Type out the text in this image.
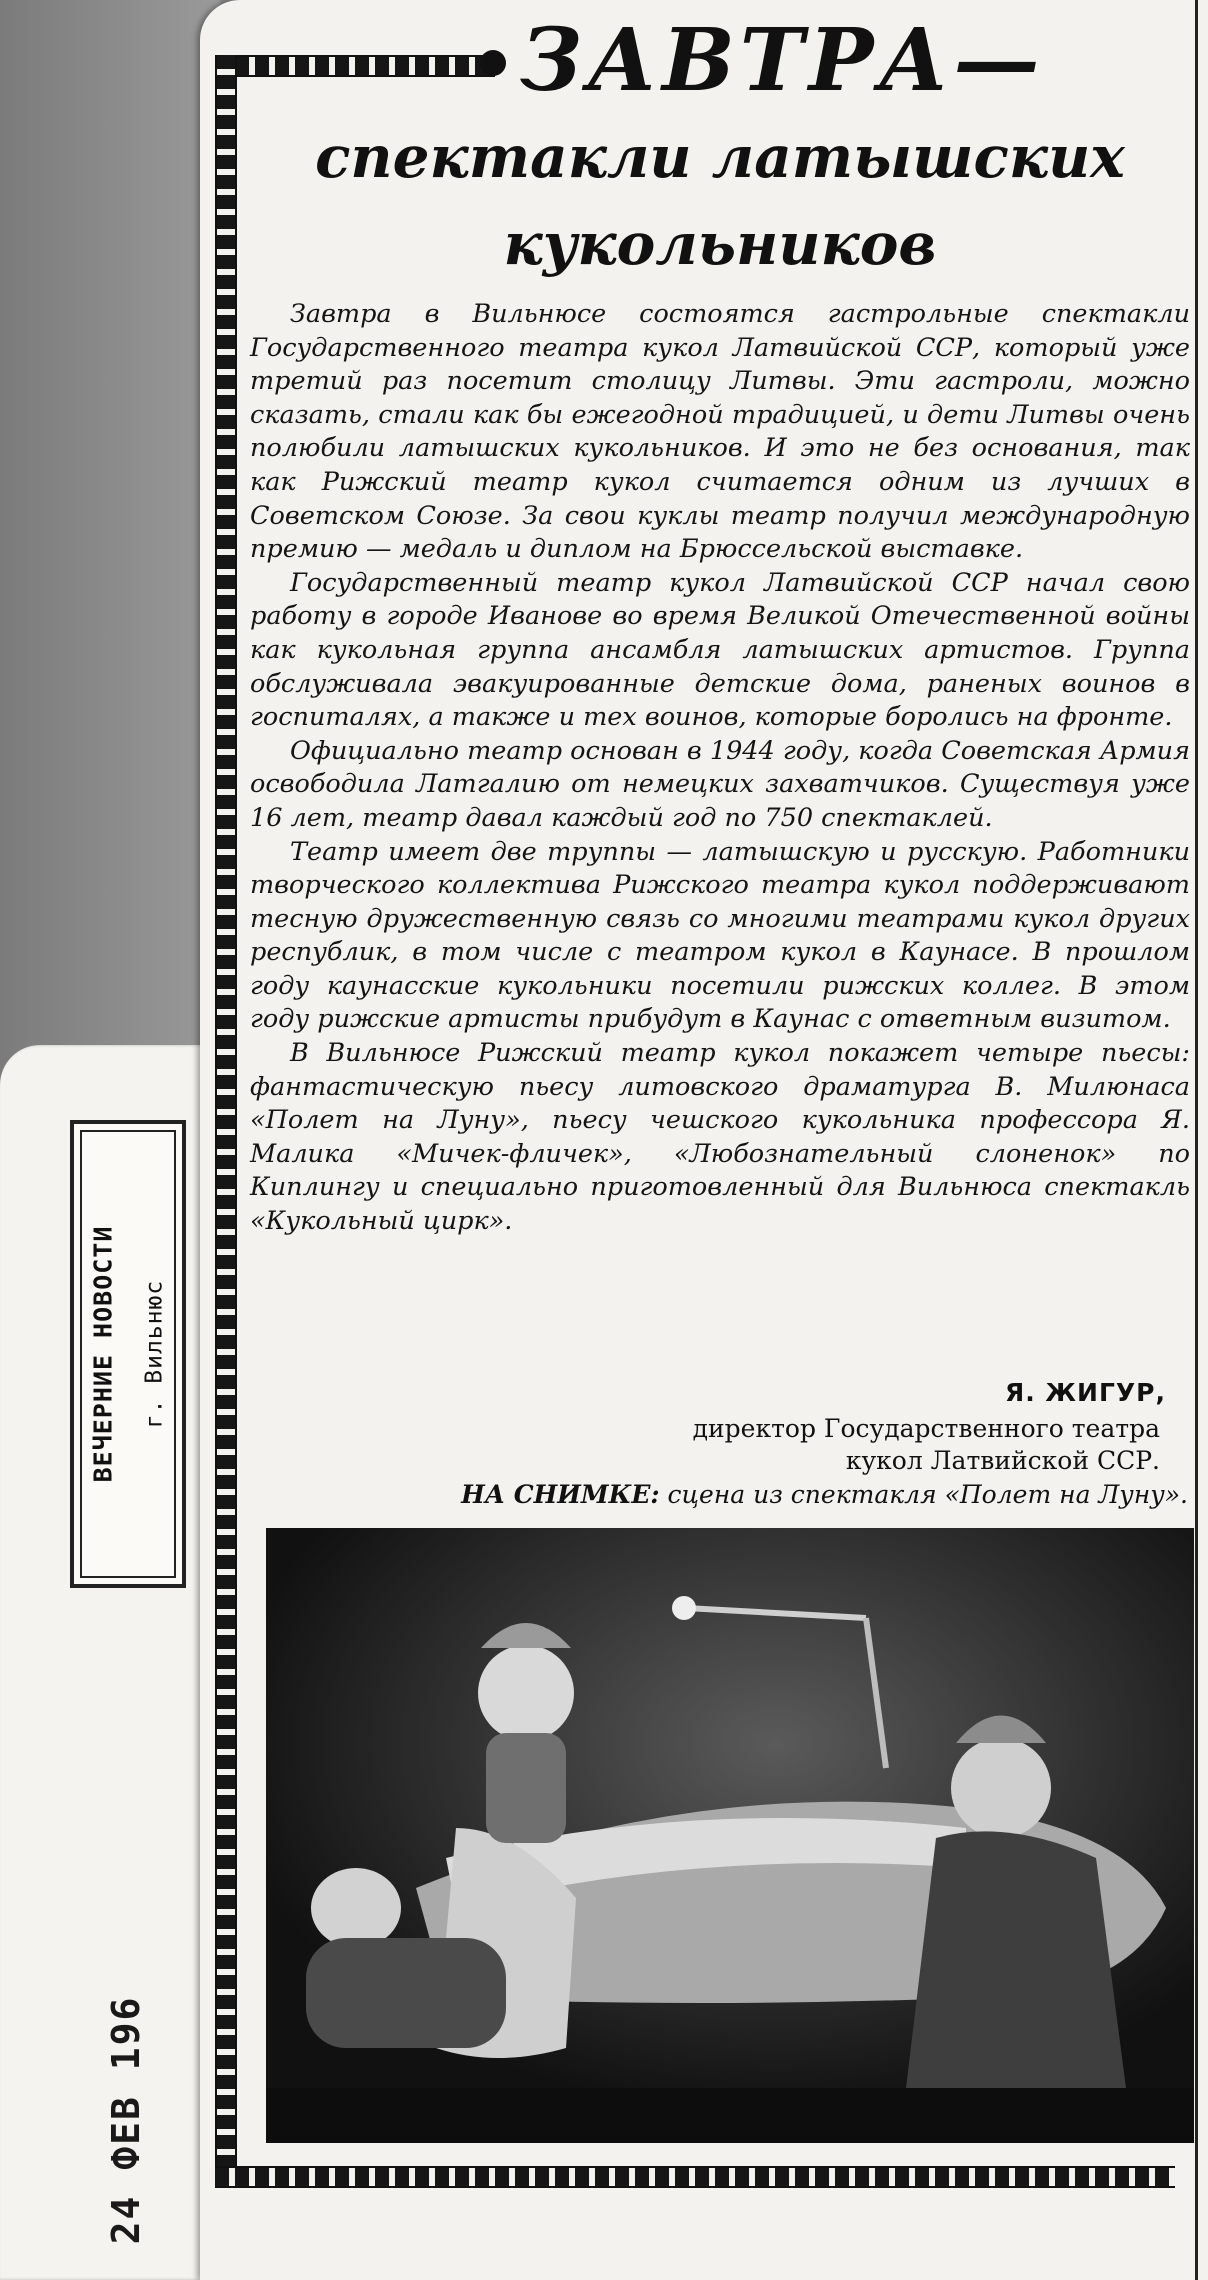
ВЕЧЕРНИЕ НОВОСТИ г. Вильнюс
24 ФЕВ 196
ЗАВТРА—
спектакли латышских
кукольников

Завтра в Вильнюсе состоятся гастрольные спектакли Государственного театра кукол Латвийской ССР, который уже третий раз посетит столицу Литвы. Эти гастроли, можно сказать, стали как бы ежегодной традицией, и дети Литвы очень полюбили латышских кукольников. И это не без основания, так как Рижский театр кукол считается одним из лучших в Советском Союзе. За свои куклы театр получил международную премию — медаль и диплом на Брюссельской выставке.

Государственный театр кукол Латвийской ССР начал свою работу в городе Иванове во время Великой Отечественной войны как кукольная группа ансамбля латышских артистов. Группа обслуживала эвакуированные детские дома, раненых воинов в госпиталях, а также и тех воинов, которые боролись на фронте.

Официально театр основан в 1944 году, когда Советская Армия освободила Латгалию от немецких захватчиков. Существуя уже 16 лет, театр давал каждый год по 750 спектаклей.

Театр имеет две труппы — латышскую и русскую. Работники творческого коллектива Рижского театра кукол поддерживают тесную дружественную связь со многими театрами кукол других республик, в том числе с театром кукол в Каунасе. В прошлом году каунасские кукольники посетили рижских коллег. В этом году рижские артисты прибудут в Каунас с ответным визитом.

В Вильнюсе Рижский театр кукол покажет четыре пьесы: фантастическую пьесу литовского драматурга В. Милюнаса «Полет на Луну», пьесу чешского кукольника профессора Я. Малика «Мичек-фличек», «Любознательный слоненок» по Киплингу и специально приготовленный для Вильнюса спектакль «Кукольный цирк».

Я. ЖИГУР,
директор Государственного театра
кукол Латвийской ССР.
НА СНИМКЕ: сцена из спектакля «Полет на Луну».
